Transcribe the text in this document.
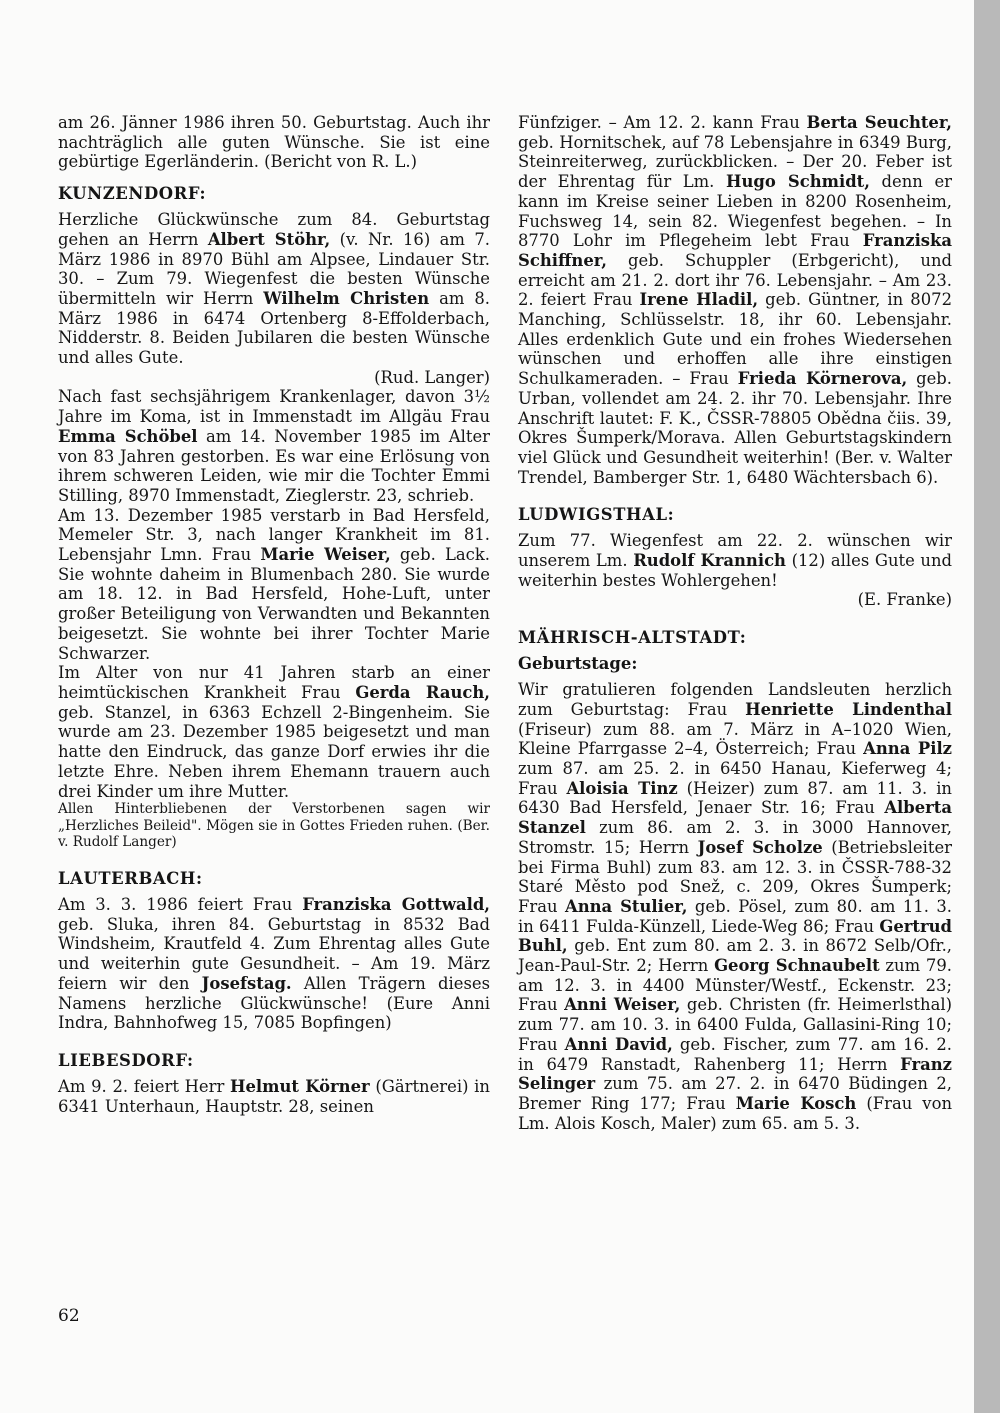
am 26. Jänner 1986 ihren 50. Geburtstag. Auch ihr nachträglich alle guten Wünsche. Sie ist eine gebürtige Egerländerin. (Bericht von R. L.)

KUNZENDORF:

Herzliche Glückwünsche zum 84. Geburtstag gehen an Herrn Albert Stöhr, (v. Nr. 16) am 7. März 1986 in 8970 Bühl am Alpsee, Lindauer Str. 30. – Zum 79. Wiegenfest die besten Wünsche übermitteln wir Herrn Wilhelm Christen am 8. März 1986 in 6474 Ortenberg 8-Effolderbach, Nidderstr. 8. Beiden Jubilaren die besten Wünsche und alles Gute.

(Rud. Langer)

Nach fast sechsjährigem Krankenlager, davon 3½ Jahre im Koma, ist in Immenstadt im Allgäu Frau Emma Schöbel am 14. November 1985 im Alter von 83 Jahren gestorben. Es war eine Erlösung von ihrem schweren Leiden, wie mir die Tochter Emmi Stilling, 8970 Immenstadt, Zieglerstr. 23, schrieb.

Am 13. Dezember 1985 verstarb in Bad Hersfeld, Memeler Str. 3, nach langer Krankheit im 81. Lebensjahr Lmn. Frau Marie Weiser, geb. Lack. Sie wohnte daheim in Blumenbach 280. Sie wurde am 18. 12. in Bad Hersfeld, Hohe-Luft, unter großer Beteiligung von Verwandten und Bekannten beigesetzt. Sie wohnte bei ihrer Tochter Marie Schwarzer.

Im Alter von nur 41 Jahren starb an einer heimtückischen Krankheit Frau Gerda Rauch, geb. Stanzel, in 6363 Echzell 2-Bingenheim. Sie wurde am 23. Dezember 1985 beigesetzt und man hatte den Eindruck, das ganze Dorf erwies ihr die letzte Ehre. Neben ihrem Ehemann trauern auch drei Kinder um ihre Mutter.

Allen Hinterbliebenen der Verstorbenen sagen wir „Herzliches Beileid". Mögen sie in Gottes Frieden ruhen. (Ber. v. Rudolf Langer)

LAUTERBACH:

Am 3. 3. 1986 feiert Frau Franziska Gottwald, geb. Sluka, ihren 84. Geburtstag in 8532 Bad Windsheim, Krautfeld 4. Zum Ehrentag alles Gute und weiterhin gute Gesundheit. – Am 19. März feiern wir den Josefstag. Allen Trägern dieses Namens herzliche Glückwünsche! (Eure Anni Indra, Bahnhofweg 15, 7085 Bopfingen)

LIEBESDORF:

Am 9. 2. feiert Herr Helmut Körner (Gärtnerei) in 6341 Unterhaun, Hauptstr. 28, seinen

Fünfziger. – Am 12. 2. kann Frau Berta Seuchter, geb. Hornitschek, auf 78 Lebensjahre in 6349 Burg, Steinreiterweg, zurückblicken. – Der 20. Feber ist der Ehrentag für Lm. Hugo Schmidt, denn er kann im Kreise seiner Lieben in 8200 Rosenheim, Fuchsweg 14, sein 82. Wiegenfest begehen. – In 8770 Lohr im Pflegeheim lebt Frau Franziska Schiffner, geb. Schuppler (Erbgericht), und erreicht am 21. 2. dort ihr 76. Lebensjahr. – Am 23. 2. feiert Frau Irene Hladil, geb. Güntner, in 8072 Manching, Schlüsselstr. 18, ihr 60. Lebensjahr. Alles erdenklich Gute und ein frohes Wiedersehen wünschen und erhoffen alle ihre einstigen Schulkameraden. – Frau Frieda Körnerova, geb. Urban, vollendet am 24. 2. ihr 70. Lebensjahr. Ihre Anschrift lautet: F. K., ČSSR-78805 Obědna čiis. 39, Okres Šumperk/Morava. Allen Geburtstagskindern viel Glück und Gesundheit weiterhin! (Ber. v. Walter Trendel, Bamberger Str. 1, 6480 Wächtersbach 6).

LUDWIGSTHAL:

Zum 77. Wiegenfest am 22. 2. wünschen wir unserem Lm. Rudolf Krannich (12) alles Gute und weiterhin bestes Wohlergehen!

(E. Franke)

MÄHRISCH-ALTSTADT:
Geburtstage:

Wir gratulieren folgenden Landsleuten herzlich zum Geburtstag: Frau Henriette Lindenthal (Friseur) zum 88. am 7. März in A–1020 Wien, Kleine Pfarrgasse 2–4, Österreich; Frau Anna Pilz zum 87. am 25. 2. in 6450 Hanau, Kieferweg 4; Frau Aloisia Tinz (Heizer) zum 87. am 11. 3. in 6430 Bad Hersfeld, Jenaer Str. 16; Frau Alberta Stanzel zum 86. am 2. 3. in 3000 Hannover, Stromstr. 15; Herrn Josef Scholze (Betriebsleiter bei Firma Buhl) zum 83. am 12. 3. in ČSSR-788-32 Staré Město pod Snež, c. 209, Okres Šumperk; Frau Anna Stulier, geb. Pösel, zum 80. am 11. 3. in 6411 Fulda-Künzell, Liede-Weg 86; Frau Gertrud Buhl, geb. Ent zum 80. am 2. 3. in 8672 Selb/Ofr., Jean-Paul-Str. 2; Herrn Georg Schnaubelt zum 79. am 12. 3. in 4400 Münster/Westf., Eckenstr. 23; Frau Anni Weiser, geb. Christen (fr. Heimerlsthal) zum 77. am 10. 3. in 6400 Fulda, Gallasini-Ring 10; Frau Anni David, geb. Fischer, zum 77. am 16. 2. in 6479 Ranstadt, Rahenberg 11; Herrn Franz Selinger zum 75. am 27. 2. in 6470 Büdingen 2, Bremer Ring 177; Frau Marie Kosch (Frau von Lm. Alois Kosch, Maler) zum 65. am 5. 3.

62
